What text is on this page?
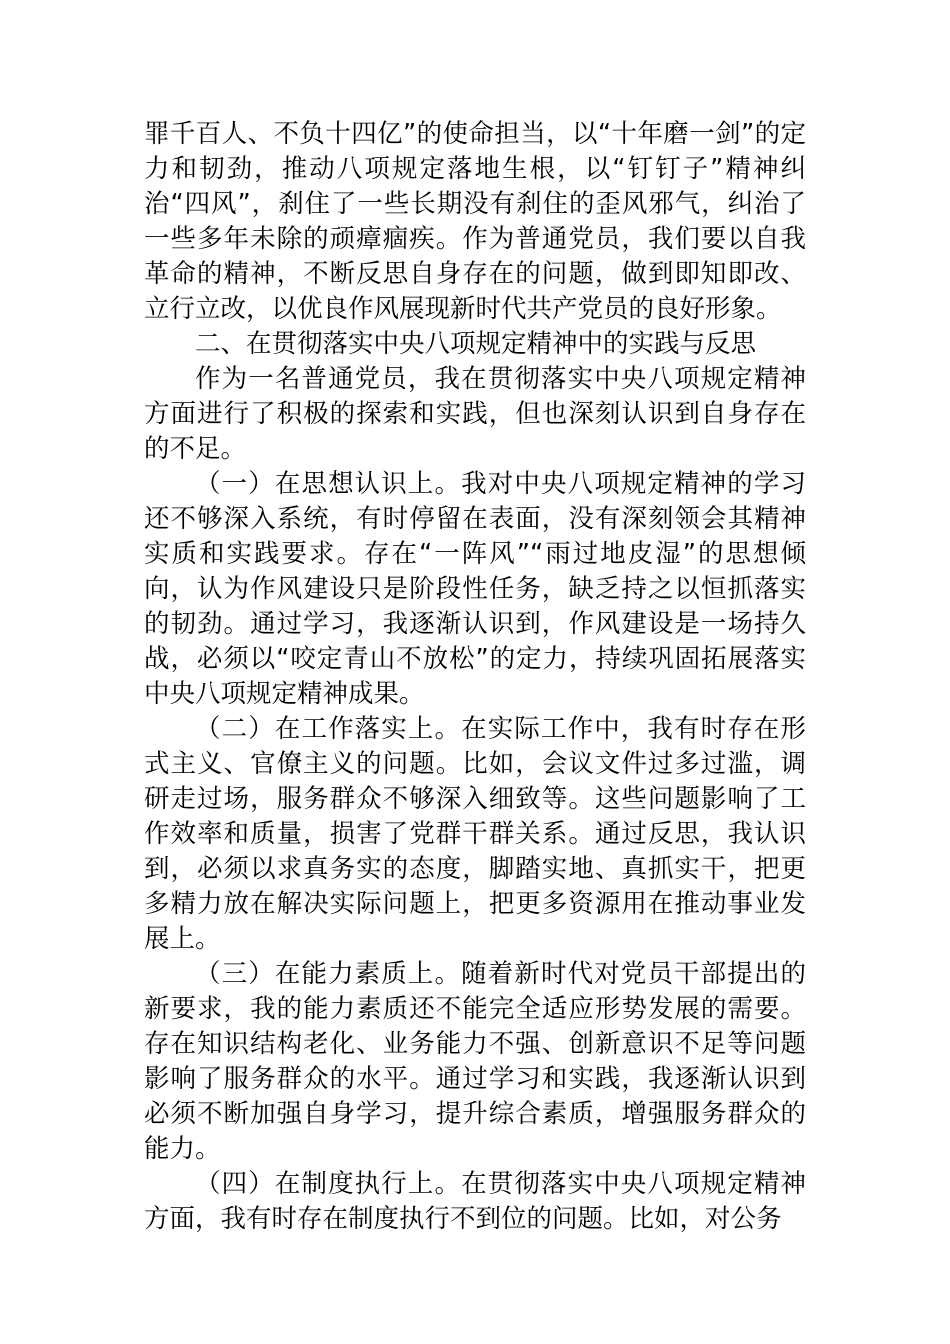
罪千百人、不负十四亿”的使命担当，以“十年磨一剑”的定力和韧劲，推动八项规定落地生根，以“钉钉子”精神纠治“四风”，刹住了一些长期没有刹住的歪风邪气，纠治了一些多年未除的顽瘴痼疾。作为普通党员，我们要以自我革命的精神，不断反思自身存在的问题，做到即知即改、立行立改，以优良作风展现新时代共产党员的良好形象。

二、在贯彻落实中央八项规定精神中的实践与反思

作为一名普通党员，我在贯彻落实中央八项规定精神方面进行了积极的探索和实践，但也深刻认识到自身存在的不足。

（一）在思想认识上。我对中央八项规定精神的学习还不够深入系统，有时停留在表面，没有深刻领会其精神实质和实践要求。存在“一阵风”“雨过地皮湿”的思想倾向，认为作风建设只是阶段性任务，缺乏持之以恒抓落实的韧劲。通过学习，我逐渐认识到，作风建设是一场持久战，必须以“咬定青山不放松”的定力，持续巩固拓展落实中央八项规定精神成果。

（二）在工作落实上。在实际工作中，我有时存在形式主义、官僚主义的问题。比如，会议文件过多过滥，调研走过场，服务群众不够深入细致等。这些问题影响了工作效率和质量，损害了党群干群关系。通过反思，我认识到，必须以求真务实的态度，脚踏实地、真抓实干，把更多精力放在解决实际问题上，把更多资源用在推动事业发展上。

（三）在能力素质上。随着新时代对党员干部提出的新要求，我的能力素质还不能完全适应形势发展的需要。存在知识结构老化、业务能力不强、创新意识不足等问题影响了服务群众的水平。通过学习和实践，我逐渐认识到必须不断加强自身学习，提升综合素质，增强服务群众的能力。

（四）在制度执行上。在贯彻落实中央八项规定精神方面，我有时存在制度执行不到位的问题。比如，对公务
